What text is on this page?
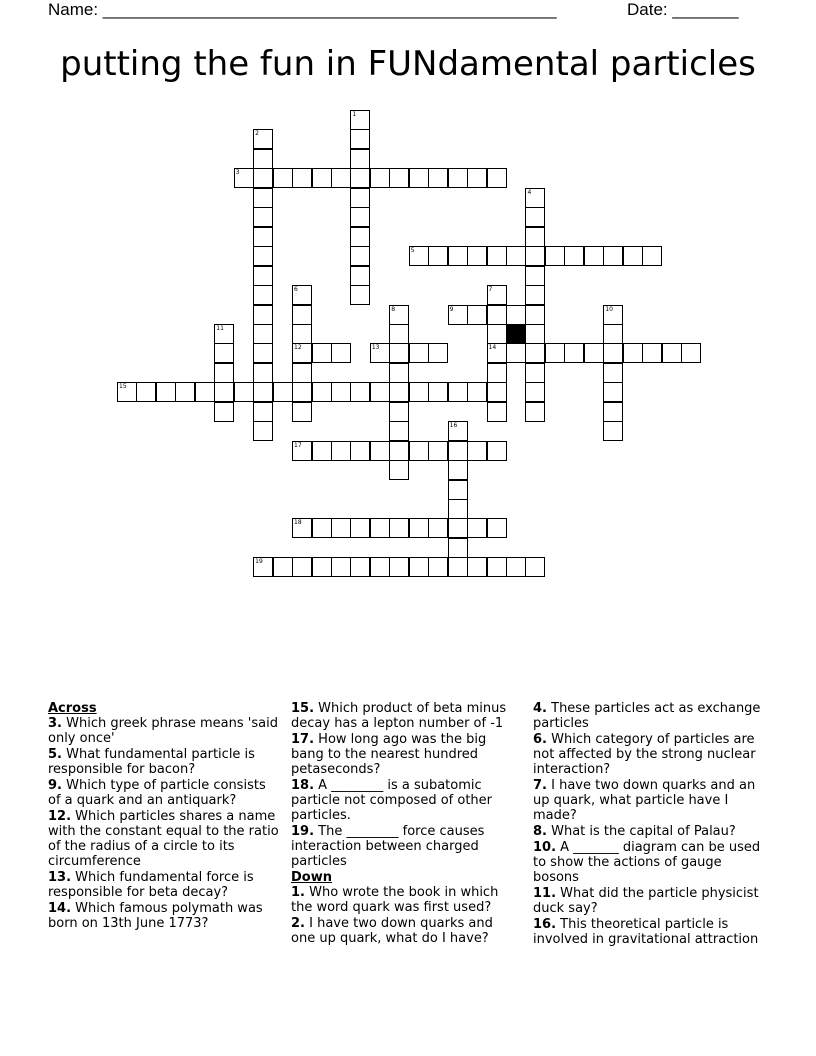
Name: ________________________________________________	Date: _______
putting the fun in FUNdamental particles
1
2
3
4
5
6
12
7
14
8	9	10
11
13
15
16
17
18
19
Across
3. Which greek phrase means 'said only once'
5. What fundamental particle is responsible for bacon?
9. Which type of particle consists of a quark and an antiquark?
12. Which particles shares a name with the constant equal to the ratio of the radius of a circle to its circumference
13. Which fundamental force is responsible for beta decay?
14. Which famous polymath was born on 13th June 1773?
15. Which product of beta minus decay has a lepton number of -1
17. How long ago was the big bang to the nearest hundred petaseconds?
18. A ________ is a subatomic particle not composed of other particles.
19. The ________ force causes interaction between charged particles
Down
1. Who wrote the book in which the word quark was first used?
2. I have two down quarks and one up quark, what do I have?
4. These particles act as exchange particles
6. Which category of particles are not affected by the strong nuclear interaction?
7. I have two down quarks and an up quark, what particle have I made?
8. What is the capital of Palau?
10. A _______ diagram can be used to show the actions of gauge bosons
11. What did the particle physicist duck say?
16. This theoretical particle is involved in gravitational attraction
